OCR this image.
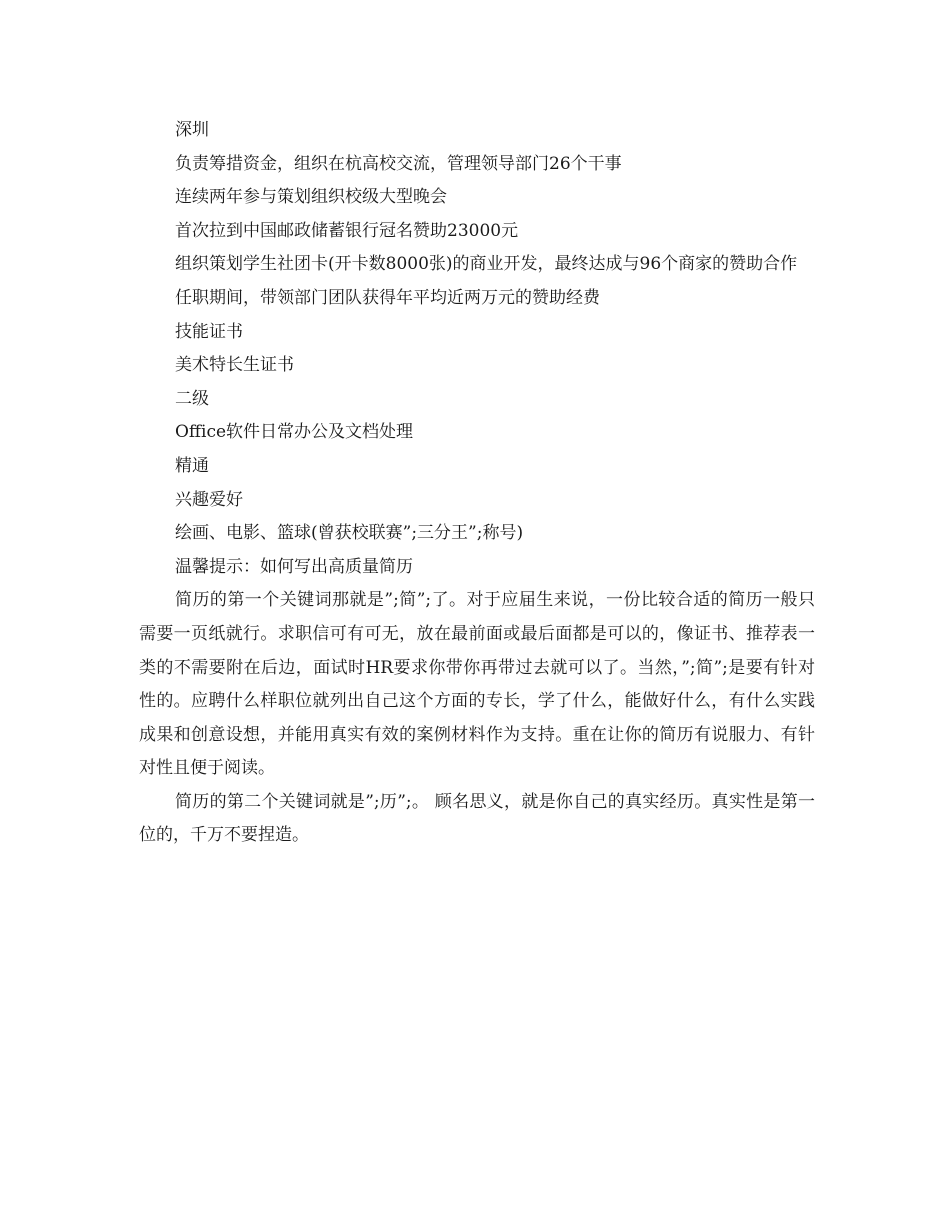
深圳

负责筹措资金，组织在杭高校交流，管理领导部门26个干事

连续两年参与策划组织校级大型晚会

首次拉到中国邮政储蓄银行冠名赞助23000元

组织策划学生社团卡(开卡数8000张)的商业开发，最终达成与96个商家的赞助合作

任职期间，带领部门团队获得年平均近两万元的赞助经费

技能证书

美术特长生证书

二级

Office软件日常办公及文档处理

精通

兴趣爱好

绘画、电影、篮球(曾获校联赛”;三分王”;称号)

温馨提示：如何写出高质量简历

简历的第一个关键词那就是”;简”;了。对于应届生来说，一份比较合适的简历一般只需要一页纸就行。求职信可有可无，放在最前面或最后面都是可以的，像证书、推荐表一类的不需要附在后边，面试时HR要求你带你再带过去就可以了。当然，”;简”;是要有针对性的。应聘什么样职位就列出自己这个方面的专长，学了什么，能做好什么，有什么实践成果和创意设想，并能用真实有效的案例材料作为支持。重在让你的简历有说服力、有针对性且便于阅读。

简历的第二个关键词就是”;历”;。 顾名思义，就是你自己的真实经历。真实性是第一位的，千万不要捏造。
